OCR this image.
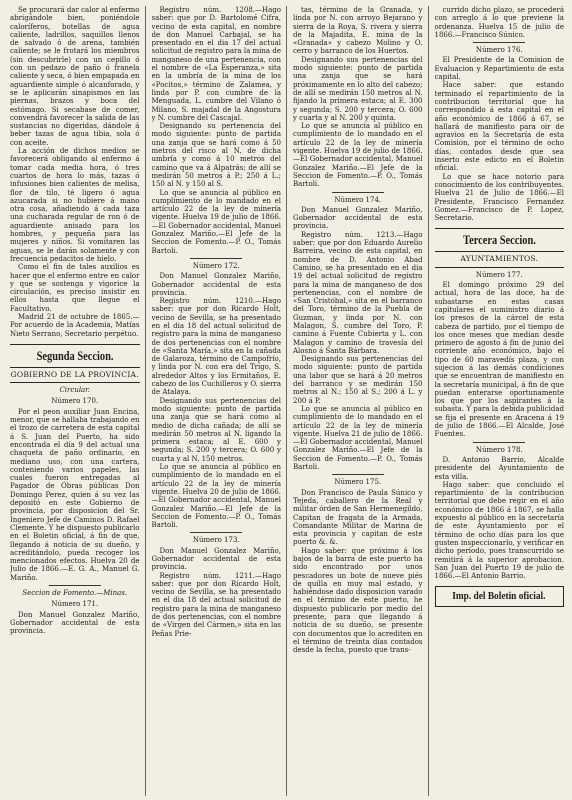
Se procurará dar calor al enfermo abrigándole bien, poniéndole caloríferos, botellas de agua caliente, ladrillos, saquillos llenos de salvado ó de arena, también caliente; se le frotará los miembros (sin descubrirle) con un cepillo ó con un pedazo de paño ó franela caliente y seca, ó bien empapada en aguardiente simple ó alcanforado, y se le aplicarán sinapismos en las piernas, brazos y boca del estómago. Si secabase de comer, convendrá favorecer la salida de las sustancias no digeridas, dándole á beber tazas de agua tibia, sola ó con aceite.

La acción de dichos medios se favorecerá obligando al enfermo á tomar cada media hora, ó tres cuartos de hora lo más, tazas ó infusiones bien calientes de melisa, flor de tilo, té ligero ó agua azucarada si no hubiere á mano otra cosa, añadiendo á cada taza una cucharada regular de ron ó de aguardiente anisado para los hombres, y pequeña para las mujeres y niños. Si vomitaren las aguas, se le darán solamente y con frecuencia pedacitos de hielo.

Como el fin de tales auxilios es hacer que el enfermo entre en calor y que se sostenga y vigorice la circulación, es preciso insistir en ellos hasta que llegue el Facultativo.

Madrid 21 de octubre de 1865.—Por acuerdo de la Academia, Matías Nieto Serrano, Secretario perpétuo.

Segunda Seccion.
GOBIERNO DE LA PROVINCIA.

Circular.

Número 170.

Por el peon auxiliar Juan Encina, menor, que se hallaba trabajando en el trozo de carretera de esta capital á S. Juan del Puerto, ha sido encontrada el dia 9 del actual una chaqueta de paño ordinario, en mediano uso, con una cartera, conteniendo varios papeles, las cuales fueron entregadas al Pagador de Obras públicas Don Domingo Perez, quien á su vez las depositó en este Gobierno de provincia, por disposicion del Sr. Ingeniero Jefe de Caminos D. Rafael Clemente. Y he dispuesto publicarlo en el Boletin oficial, á fin de que, llegando á noticia de su dueño, y acreditándolo, pueda recoger los mencionados efectos. Huelva 20 de Julio de 1866.—E. G. A., Manuel G. Mariño.

Seccion de Fomento.—Minas.

Número 171.

Don Manuel Gonzalez Mariño, Gobernador accidental de esta provincia.

Registro núm. 1208.—Hago saber: que por D. Bartolomé Cifra, vecino de esta capital, en nombre de don Manuel Carbajal, se ha presentado en el dia 17 del actual solicitud de registro para la mina de manganeso de una pertenencia, con el nombre de «La Esperanza,» sita en la umbría de la mina de los «Pocitos,» término de Zalamea, y linda por P. con cumbre de la Menguada, L. cumbre del Vilano ó Milano, S. majadal de la Angostura y N. cumbre del Cascajal.

Designando su pertenencia del modo siguiente: punto de partida una zanja que se hará como á 50 metros del risco al N. de dicha umbría y como á 10 metros del camino que va á Alpatrás; de allí se medirán 50 metros á P.; 250 á L.; 150 al N. y 150 al S.

Lo que se anuncia al público en cumplimiento de lo mandado en el artículo 22 de la ley de minería vigente. Huelva 19 de julio de 1866.—El Gobernador accidental, Manuel Gonzalez Mariño.—El Jefe de la Seccion de Fomento.—P. O., Tomás Bartoli.

Número 172.

Don Manuel Gonzalez Mariño, Gobernador accidental de esta provincia.

Registro núm. 1210.—Hago saber: que por don Ricardo Holt, vecino de Sevilla, se ha presentado en el dia 18 del actual solicitud de registro para la mina de manganeso de dos pertenencias con el nombre de «Santa María,» sita en la cañada de Galaroza, término de Campofrío, y linda por N. con era del Trigo, S. alrededor Altos y los Ermitaños, E. cabezo de los Cuchilleros y O. sierra de Atalaya.

Designando sus pertenencias del modo siguiente: punto de partida una zanja que se hará como al medio de dicha cañada; de allí se medirán 50 metros al N. ligando la primera estaca; al E. 600 y segunda; S. 200 y tercera; O. 600 y cuarta y al N. 150 metros.

Lo que se anuncia al público en cumplimiento de lo mandado en el artículo 22 de la ley de minería vigente. Huelva 20 de julio de 1866.—El Gobernador accidental, Manuel Gonzalez Mariño.—El Jefe de la Seccion de Fomento.—P. O., Tomás Bartoli.

Número 173.

Don Manuel Gonzalez Mariño, Gobernador accidental de esta provincia.

Registro núm. 1211.—Hago saber: que por don Ricardo Holt, vecino de Sevilla, se ha presentado en el dia 18 del actual solicitud de registro para la mina de manganeso de dos pertenencias, con el nombre de «Virgen del Cármen,» sita en las Peñas Prie-

tas, término de la Granada, y linda por N. con arroyo Bejarano y sierra de la Roya, S. rivera y sierra de la Majadita, E. mina de la «Granada» y cabezo Molino y O. cerro y barranco de los Huertos.

Designando sus pertenencias del modo siguiente: punto de partida una zanja que se hará próximamente en lo alto del cabezo; de allí se medirán 150 metros al N. fijando la primera estaca; al E. 300 y segunda; S. 200 y tercera; O. 600 y cuarta y al N. 200 y quinta.

Lo que se anuncia al público en cumplimiento de lo mandado en el artículo 22 de la ley de minería vigente. Huelva 19 de julio de 1866.—El Gobernador accidental, Manuel Gonzalez Mariño.—El Jefe de la Seccion de Fomento.—P. O., Tomás Bartoli.

Número 174.

Don Manuel Gonzalez Mariño, Gobernador accidental de esta provincia.

Registro núm. 1213.—Hago saber: que por don Eduardo Aurelio Barreira, vecino de esta capital, en nombre de D. Antonio Abad Camino, se ha presentado en el dia 19 del actual solicitud de registro para la mina de manganeso de dos pertenencias, con el nombre de «San Cristóbal,» sita en el barranco del Toro, término de la Puebla de Guzman, y linda por N. con Malagon, S. cumbre del Toro, P. camino á Fuente Cubierta y L. con Malagon y camino de travesía del Alosno á Santa Bárbara.

Designando sus pertenencias del modo siguiente: punto de partida una labor que se hará á 20 metros del barranco y se medirán 150 metros al N.; 150 al S.; 200 á L. y 200 á P.

Lo que se anuncia al público en cumplimiento de lo mandado en el artículo 22 de la ley de minería vigente. Huelva 21 de julio de 1866.—El Gobernador accidental, Manuel Gonzalez Mariño.—El Jefe de la Seccion de Fomento.—P. O., Tomás Bartoli.

Número 175.

Don Francisco de Paula Súnico y Tejeda, caballero de la Real y militar órden de San Hermenegildo, Capitan de fragata de la Armada, Comandante Militar de Marina de esta provincia y capitan de este puerto &. &.

Hago saber: que próximo á los bajos de la barra de este puerto ha sido encontrado por unos pescadores un bote de nueve piés de quilla en muy mal estado, y habiéndose dado disposicion varado en el término de este puerto, he dispuesto publicarlo por medio del presente, para que llegando á noticia de su dueño, se presente con documentos que lo acrediten en el término de treinta días contados desde la fecha, puesto que trans-

currido dicho plazo, se procederá con arreglo á lo que previene la ordenanza. Huelva 15 de julio de 1866.—Francisco Súnico.

Número 176.

El Presidente de la Comision de Evaluacion y Repartimiento de esta capital.

Hace saber: que estando terminado el repartimiento de la contribucion territorial que ha correspondido á esta capital en el año económico de 1866 á 67, se hallará de manifiesto para oir de agravios en la Secretaría de esta Comision, por el término de ocho días, contados desde que sea inserto este edicto en el Boletin oficial.

Lo que se hace notorio para conocimiento de los contribuyentes. Huelva 21 de Julio de 1866.—El Presidente, Francisco Fernandez Gomez.—Francisco de P. Lopez, Secretario.

Tercera Seccion.
AYUNTAMIENTOS.

Número 177.

El domingo próximo 29 del actual, hora de las doce, ha de subastarse en estas casas capitulares el suministro diario á los presos de la cárcel de esta cabeza de partido, por el tiempo de los once meses que median desde primero de agosto á fin de junio del corriente año económico, bajo el tipo de 60 maravedís plaza, y con sujecion á las demás condiciones que se encuentran de manifiesto en la secretaría municipal, á fin de que puedan enterarse oportunamente los que por los aspirantes á la subasta. Y para la debida publicidad se fija el presente en Aracena á 19 de julio de 1866.—El Alcalde, José Fuentes.

Número 178.

D. Antonio Barrio, Alcalde presidente del Ayuntamiento de esta villa.

Hago saber: que concluido el repartimiento de la contribucion territorial que debe regir en el año económico de 1866 á 1867, se halla expuesto al público en la secretaría de este Ayuntamiento por el término de ocho días para los que gusten inspeccionarlo, y verificar en dicho período, pues transcurrido se remitirá á la superior aprobacion. San Juan del Puerto 19 de julio de 1866.—El Antonio Barrio.

Imp. del Boletin oficial.
